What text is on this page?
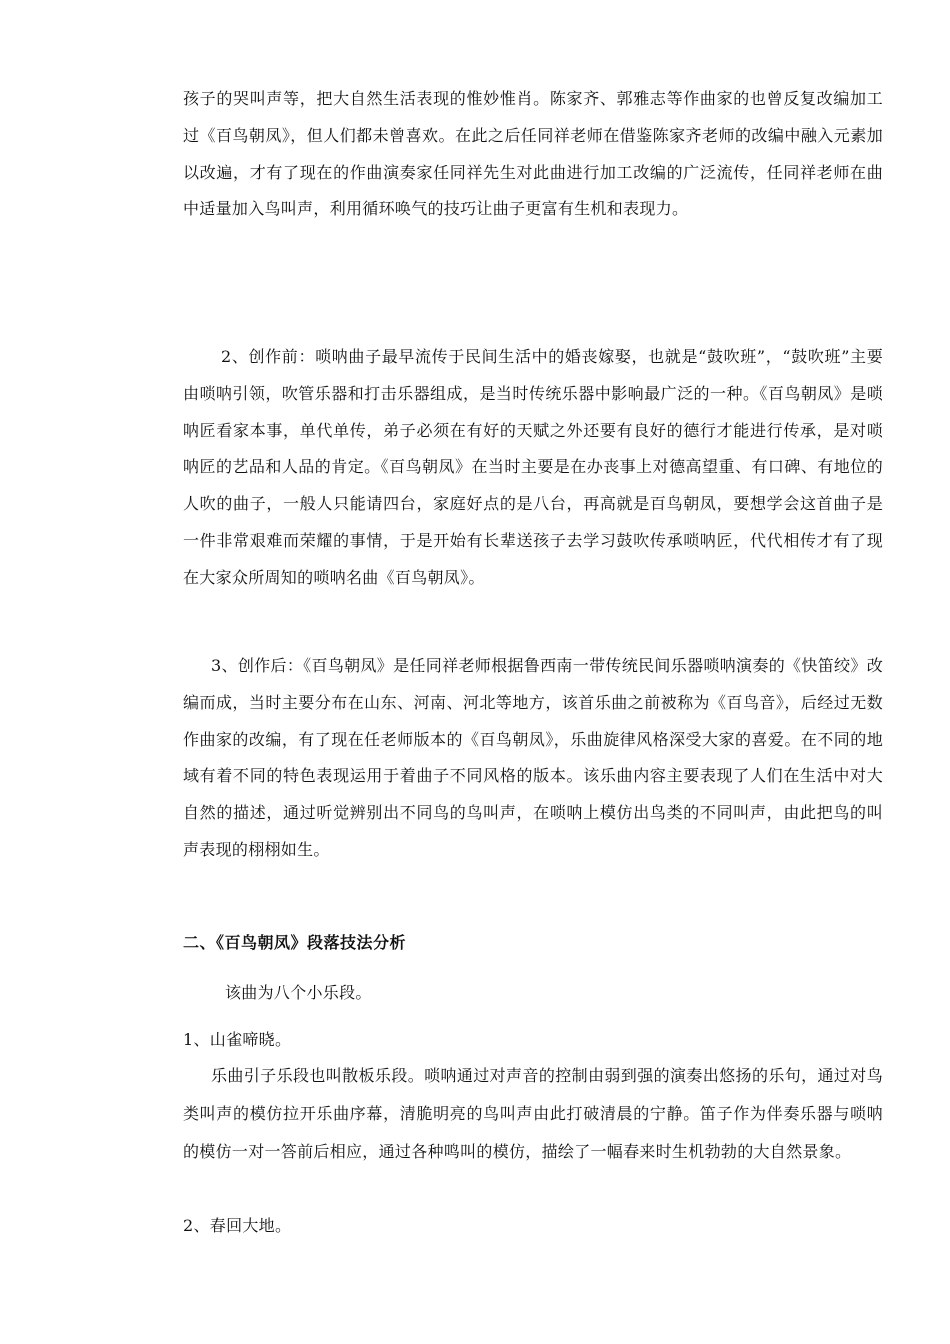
孩子的哭叫声等，把大自然生活表现的惟妙惟肖。陈家齐、郭雅志等作曲家的也曾反复改编加工过《百鸟朝凤》，但人们都未曾喜欢。在此之后任同祥老师在借鉴陈家齐老师的改编中融入元素加以改遍，才有了现在的作曲演奏家任同祥先生对此曲进行加工改编的广泛流传，任同祥老师在曲中适量加入鸟叫声，利用循环唤气的技巧让曲子更富有生机和表现力。

2、创作前：唢呐曲子最早流传于民间生活中的婚丧嫁娶，也就是“鼓吹班”，“鼓吹班”主要由唢呐引领，吹管乐器和打击乐器组成，是当时传统乐器中影响最广泛的一种。《百鸟朝凤》是唢呐匠看家本事，单代单传，弟子必须在有好的天赋之外还要有良好的德行才能进行传承，是对唢呐匠的艺品和人品的肯定。《百鸟朝凤》在当时主要是在办丧事上对德高望重、有口碑、有地位的人吹的曲子，一般人只能请四台，家庭好点的是八台，再高就是百鸟朝凤，要想学会这首曲子是一件非常艰难而荣耀的事情，于是开始有长辈送孩子去学习鼓吹传承唢呐匠，代代相传才有了现在大家众所周知的唢呐名曲《百鸟朝凤》。

3、创作后：《百鸟朝凤》是任同祥老师根据鲁西南一带传统民间乐器唢呐演奏的《快笛绞》改编而成，当时主要分布在山东、河南、河北等地方，该首乐曲之前被称为《百鸟音》，后经过无数作曲家的改编，有了现在任老师版本的《百鸟朝凤》，乐曲旋律风格深受大家的喜爱。在不同的地域有着不同的特色表现运用于着曲子不同风格的版本。该乐曲内容主要表现了人们在生活中对大自然的描述，通过听觉辨别出不同鸟的鸟叫声，在唢呐上模仿出鸟类的不同叫声，由此把鸟的叫声表现的栩栩如生。

二、《百鸟朝凤》段落技法分析

该曲为八个小乐段。

1、山雀啼晓。

乐曲引子乐段也叫散板乐段。唢呐通过对声音的控制由弱到强的演奏出悠扬的乐句，通过对鸟类叫声的模仿拉开乐曲序幕，清脆明亮的鸟叫声由此打破清晨的宁静。笛子作为伴奏乐器与唢呐的模仿一对一答前后相应，通过各种鸣叫的模仿，描绘了一幅春来时生机勃勃的大自然景象。

2、春回大地。
